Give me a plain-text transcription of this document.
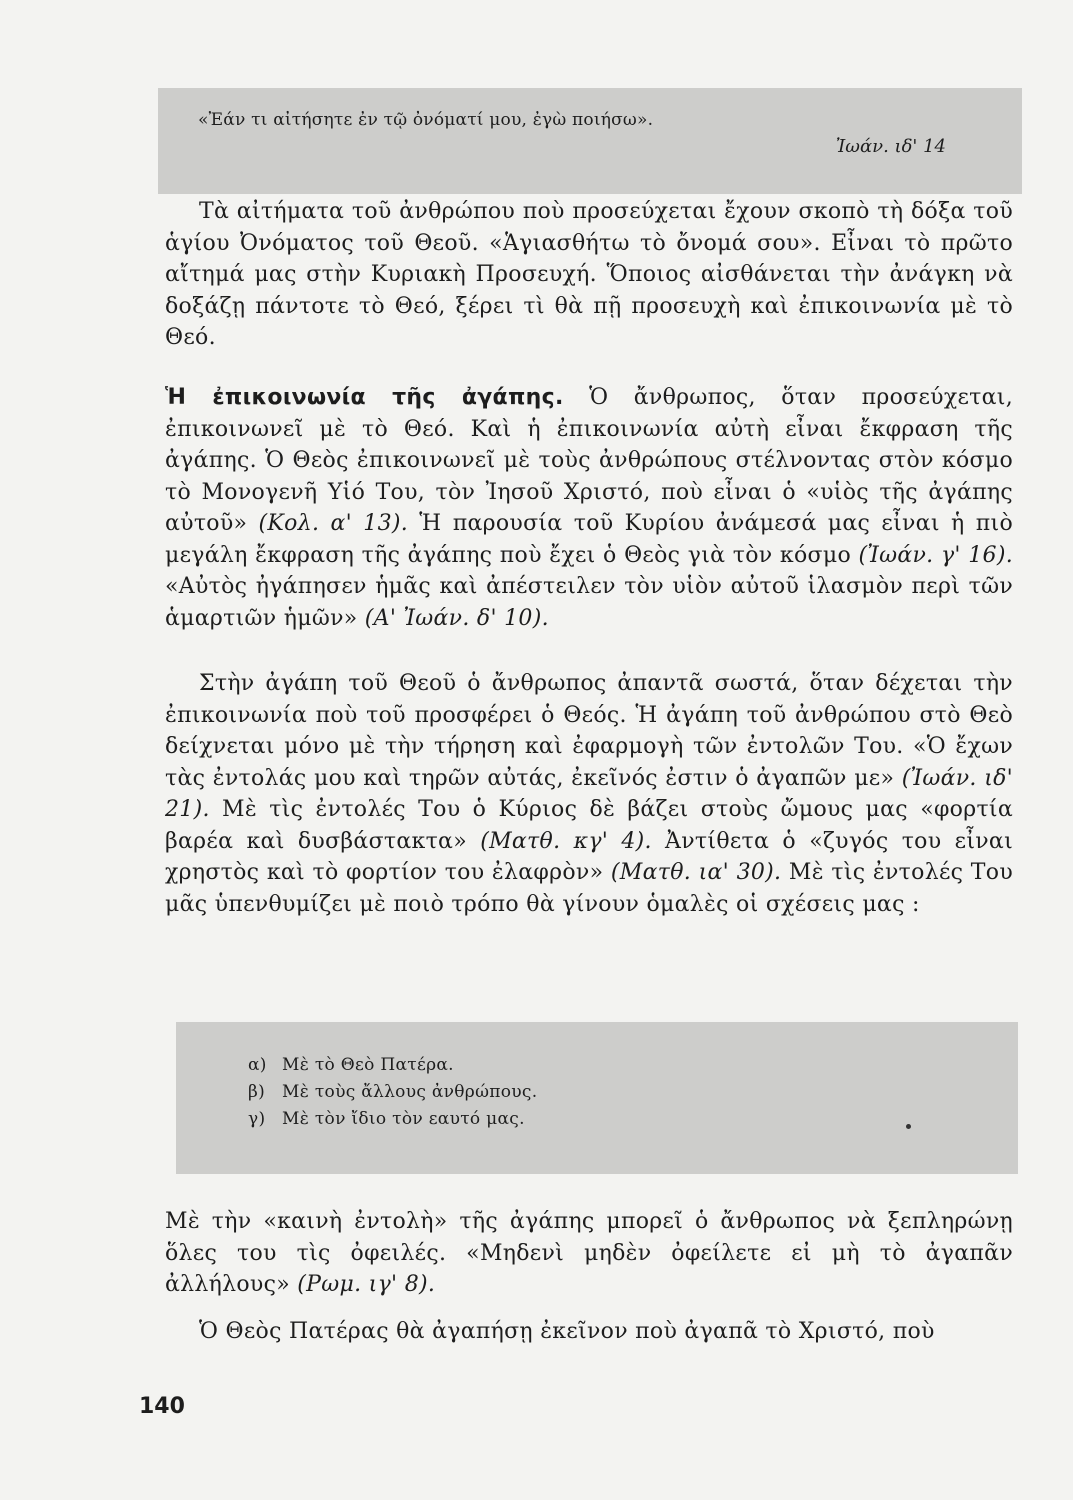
«Ἐάν τι αἰτήσητε ἐν τῷ ὀνόματί μου, ἐγὼ ποιήσω».
Ἰωάν. ιδ' 14
Τὰ αἰτήματα τοῦ ἀνθρώπου ποὺ προσεύχεται ἔχουν σκοπὸ τὴ δόξα τοῦ ἁγίου Ὀνόματος τοῦ Θεοῦ. «Ἁγιασθήτω τὸ ὄνομά σου». Εἶναι τὸ πρῶτο αἴτημά μας στὴν Κυριακὴ Προσευχή. Ὅποιος αἰσθάνεται τὴν ἀνάγκη νὰ δοξάζῃ πάντοτε τὸ Θεό, ξέρει τὶ θὰ πῇ προσευχὴ καὶ ἐπικοινωνία μὲ τὸ Θεό.
Ἡ ἐπικοινωνία τῆς ἀγάπης. Ὁ ἄνθρωπος, ὅταν προσεύχεται, ἐπικοινωνεῖ μὲ τὸ Θεό. Καὶ ἡ ἐπικοινωνία αὐτὴ εἶναι ἔκφραση τῆς ἀγάπης. Ὁ Θεὸς ἐπικοινωνεῖ μὲ τοὺς ἀνθρώπους στέλνοντας στὸν κόσμο τὸ Μονογενῆ Υἱό Του, τὸν Ἰησοῦ Χριστό, ποὺ εἶναι ὁ «υἱὸς τῆς ἀγάπης αὐτοῦ» (Κολ. α' 13). Ἡ παρουσία τοῦ Κυρίου ἀνάμεσά μας εἶναι ἡ πιὸ μεγάλη ἔκφραση τῆς ἀγάπης ποὺ ἔχει ὁ Θεὸς γιὰ τὸν κόσμο (Ἰωάν. γ' 16). «Αὐτὸς ἠγάπησεν ἡμᾶς καὶ ἀπέστειλεν τὸν υἱὸν αὐτοῦ ἱλασμὸν περὶ τῶν ἁμαρτιῶν ἡμῶν» (Α' Ἰωάν. δ' 10).
Στὴν ἀγάπη τοῦ Θεοῦ ὁ ἄνθρωπος ἀπαντᾶ σωστά, ὅταν δέχεται τὴν ἐπικοινωνία ποὺ τοῦ προσφέρει ὁ Θεός. Ἡ ἀγάπη τοῦ ἀνθρώπου στὸ Θεὸ δείχνεται μόνο μὲ τὴν τήρηση καὶ ἐφαρμογὴ τῶν ἐντολῶν Του. «Ὁ ἔχων τὰς ἐντολάς μου καὶ τηρῶν αὐτάς, ἐκεῖνός ἐστιν ὁ ἀγαπῶν με» (Ἰωάν. ιδ' 21). Μὲ τὶς ἐντολές Του ὁ Κύριος δὲ βάζει στοὺς ὤμους μας «φορτία βαρέα καὶ δυσβάστακτα» (Ματθ. κγ' 4). Ἀντίθετα ὁ «ζυγός του εἶναι χρηστὸς καὶ τὸ φορτίον του ἐλαφρὸν» (Ματθ. ια' 30). Μὲ τὶς ἐντολές Του μᾶς ὑπενθυμίζει μὲ ποιὸ τρόπο θὰ γίνουν ὁμαλὲς οἱ σχέσεις μας :
α) Μὲ τὸ Θεὸ Πατέρα.
β) Μὲ τοὺς ἄλλους ἀνθρώπους.
γ) Μὲ τὸν ἴδιο τὸν εαυτό μας.
Μὲ τὴν «καινὴ ἐντολὴ» τῆς ἀγάπης μπορεῖ ὁ ἄνθρωπος νὰ ξεπληρώνῃ ὅλες του τὶς ὀφειλές. «Μηδενὶ μηδὲν ὀφείλετε εἰ μὴ τὸ ἀγαπᾶν ἀλλήλους» (Ρωμ. ιγ' 8).
Ὁ Θεὸς Πατέρας θὰ ἀγαπήσῃ ἐκεῖνον ποὺ ἀγαπᾶ τὸ Χριστό, ποὺ
140
